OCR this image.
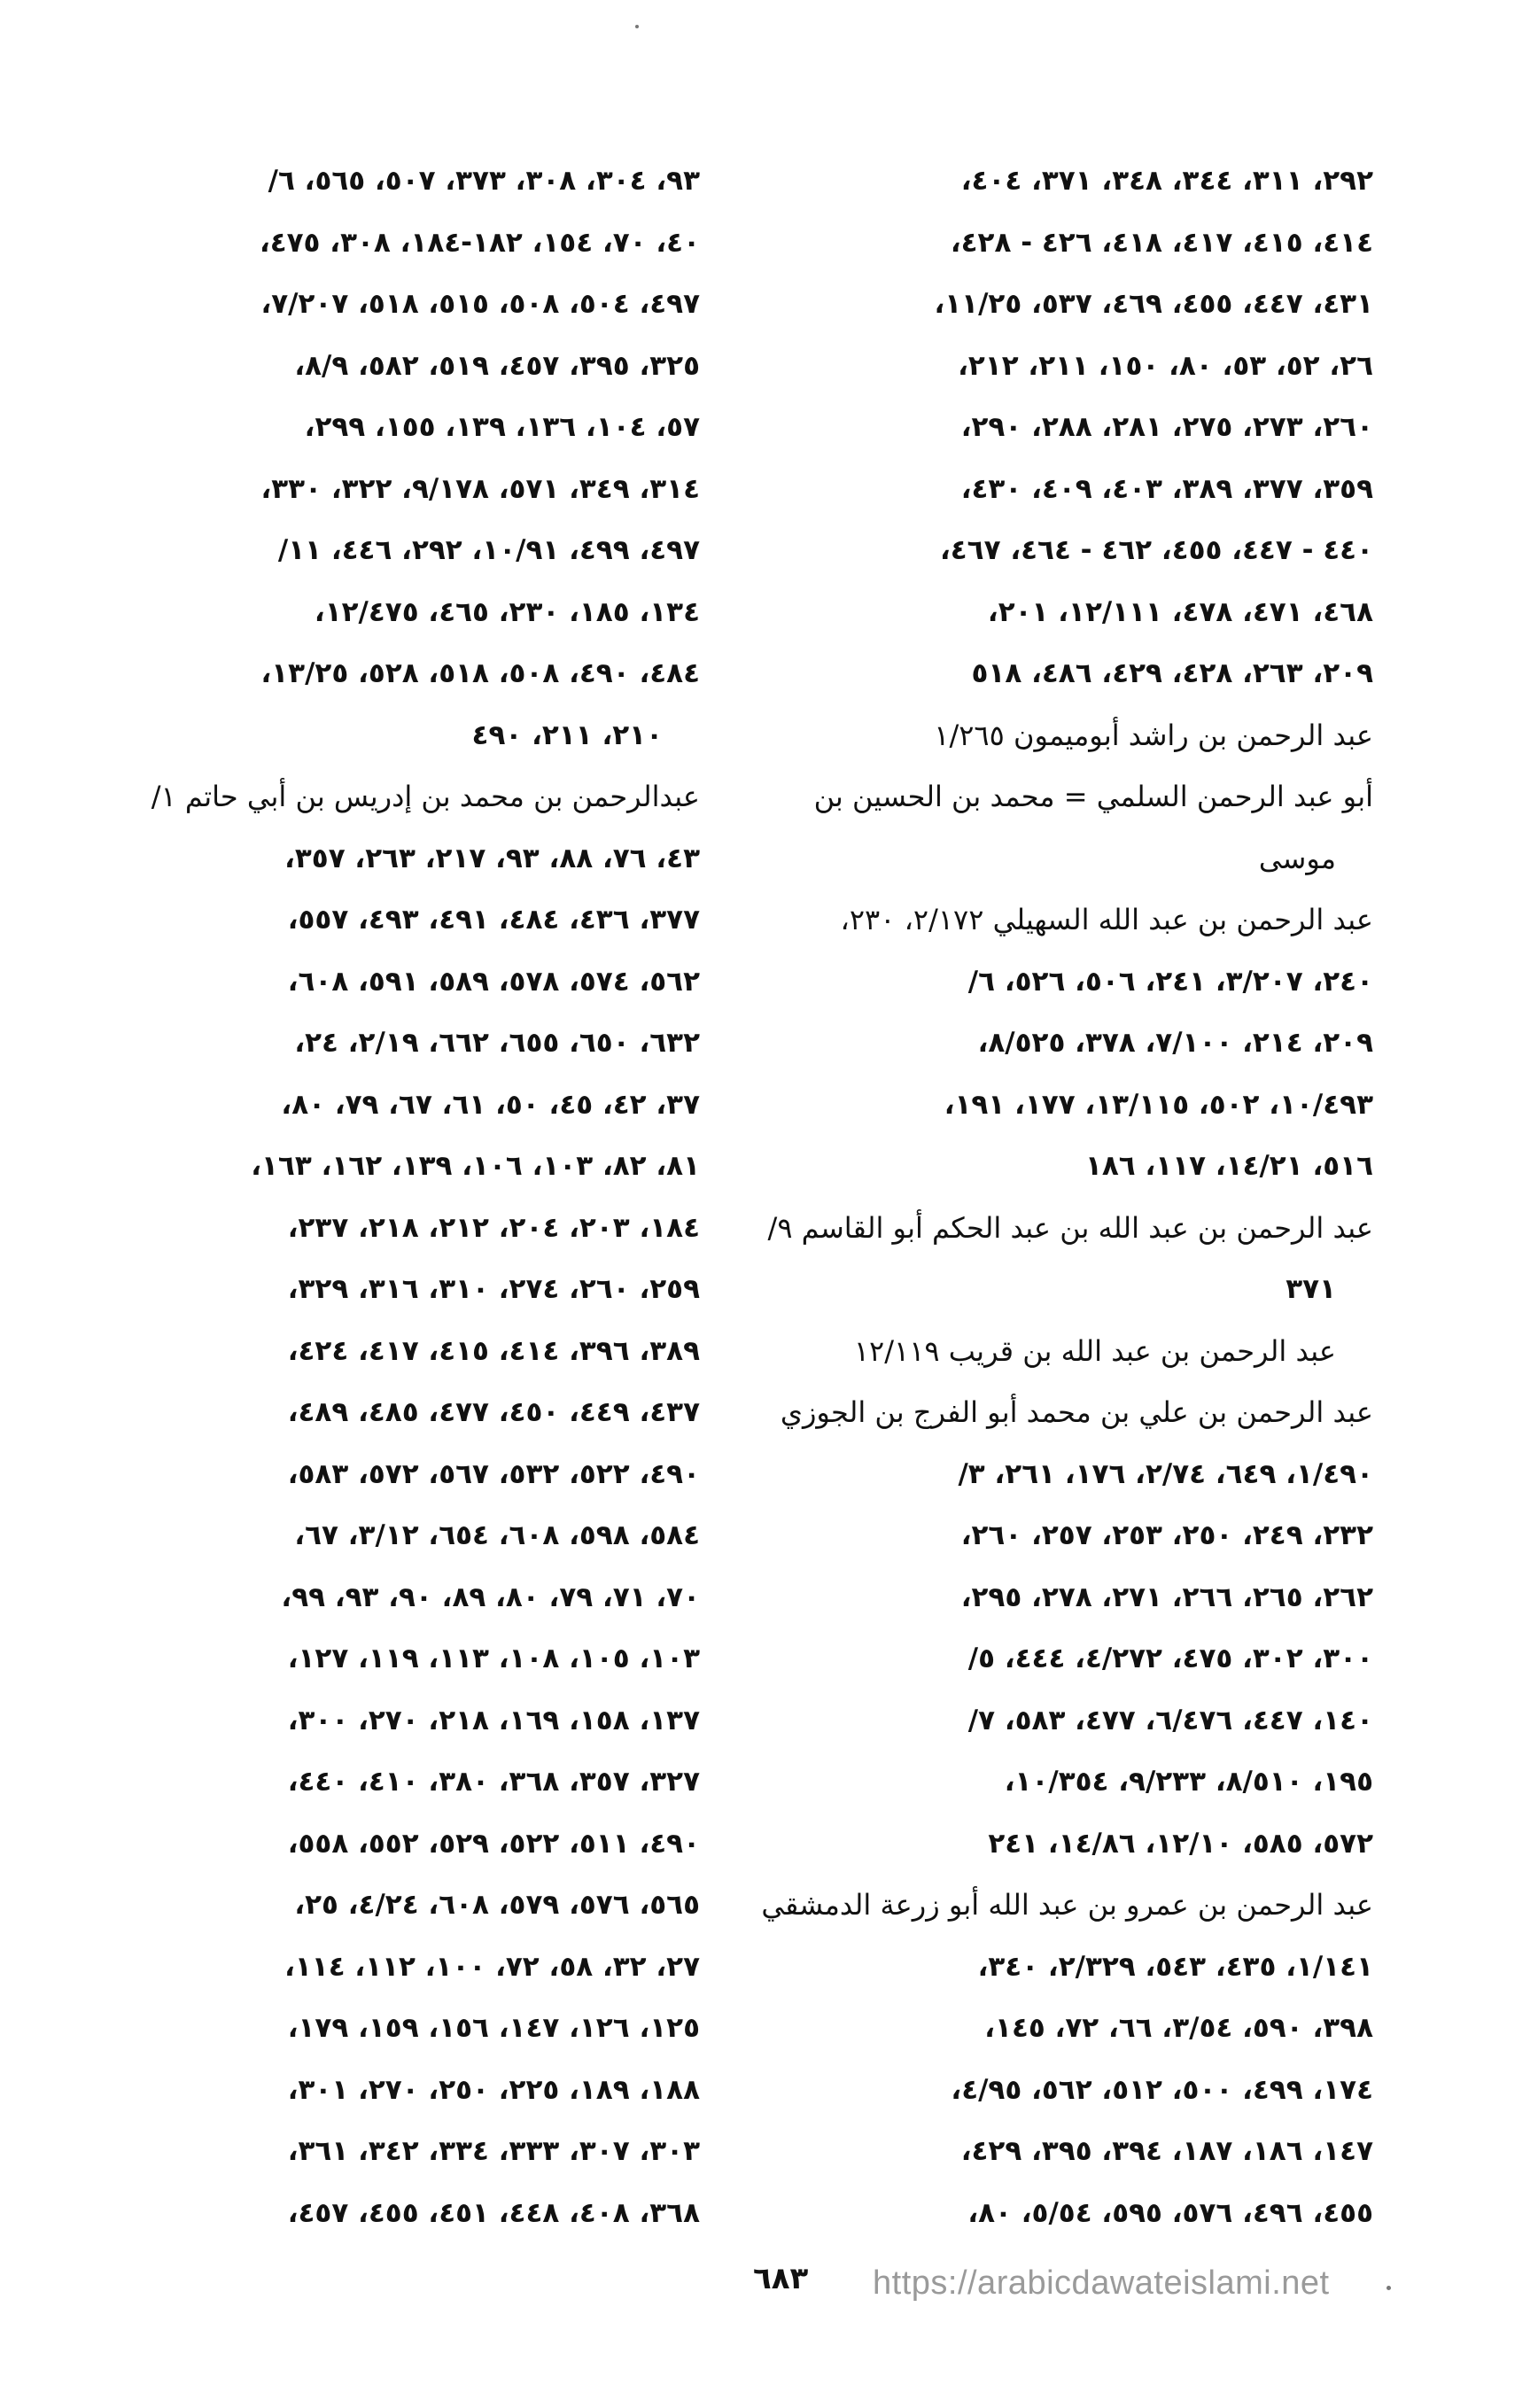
٢٩٢، ٣١١، ٣٤٤، ٣٤٨، ٣٧١، ٤٠٤،
٤١٤، ٤١٥، ٤١٧، ٤١٨، ٤٢٦ - ٤٢٨،
٤٣١، ٤٤٧، ٤٥٥، ٤٦٩، ٥٣٧، ١١/٢٥،
٢٦، ٥٢، ٥٣، ٨٠، ١٥٠، ٢١١، ٢١٢،
٢٦٠، ٢٧٣، ٢٧٥، ٢٨١، ٢٨٨، ٢٩٠،
٣٥٩، ٣٧٧، ٣٨٩، ٤٠٣، ٤٠٩، ٤٣٠،
٤٤٠ - ٤٤٧، ٤٥٥، ٤٦٢ - ٤٦٤، ٤٦٧،
٤٦٨، ٤٧١، ٤٧٨، ١٢/١١١، ٢٠١،
٢٠٩، ٢٦٣، ٤٢٨، ٤٢٩، ٤٨٦، ٥١٨
عبد الرحمن بن راشد أبوميمون ١/٢٦٥
أبو عبد الرحمن السلمي = محمد بن الحسين بن
موسى
عبد الرحمن بن عبد الله السهيلي ٢/١٧٢، ٢٣٠،
٢٤٠، ٣/٢٠٧، ٢٤١، ٥٠٦، ٥٢٦، ٦/
٢٠٩، ٢١٤، ٧/١٠٠، ٣٧٨، ٨/٥٢٥،
١٠/٤٩٣، ٥٠٢، ١٣/١١٥، ١٧٧، ١٩١،
٥١٦، ١٤/٢١، ١١٧، ١٨٦
عبد الرحمن بن عبد الله بن عبد الحكم أبو القاسم ٩/
٣٧١
عبد الرحمن بن عبد الله بن قريب ١٢/١١٩
عبد الرحمن بن علي بن محمد أبو الفرج بن الجوزي
١/٤٩٠، ٦٤٩، ٢/٧٤، ١٧٦، ٢٦١، ٣/
٢٣٢، ٢٤٩، ٢٥٠، ٢٥٣، ٢٥٧، ٢٦٠،
٢٦٢، ٢٦٥، ٢٦٦، ٢٧١، ٢٧٨، ٢٩٥،
٣٠٠، ٣٠٢، ٤٧٥، ٤/٢٧٢، ٤٤٤، ٥/
١٤٠، ٤٤٧، ٦/٤٧٦، ٤٧٧، ٥٨٣، ٧/
١٩٥، ٨/٥١٠، ٩/٢٣٣، ١٠/٣٥٤،
٥٧٢، ٥٨٥، ١٢/١٠، ١٤/٨٦، ٢٤١
عبد الرحمن بن عمرو بن عبد الله أبو زرعة الدمشقي
١/١٤١، ٤٣٥، ٥٤٣، ٢/٣٢٩، ٣٤٠،
٣٩٨، ٥٩٠، ٣/٥٤، ٦٦، ٧٢، ١٤٥،
١٧٤، ٤٩٩، ٥٠٠، ٥١٢، ٥٦٢، ٤/٩٥،
١٤٧، ١٨٦، ١٨٧، ٣٩٤، ٣٩٥، ٤٢٩،
٤٥٥، ٤٩٦، ٥٧٦، ٥٩٥، ٥/٥٤، ٨٠،
٩٣، ٣٠٤، ٣٠٨، ٣٧٣، ٥٠٧، ٥٦٥، ٦/
٤٠، ٧٠، ١٥٤، ١٨٢-١٨٤، ٣٠٨، ٤٧٥،
٤٩٧، ٥٠٤، ٥٠٨، ٥١٥، ٥١٨، ٧/٢٠٧،
٣٢٥، ٣٩٥، ٤٥٧، ٥١٩، ٥٨٢، ٨/٩،
٥٧، ١٠٤، ١٣٦، ١٣٩، ١٥٥، ٢٩٩،
٣١٤، ٣٤٩، ٥٧١، ٩/١٧٨، ٣٢٢، ٣٣٠،
٤٩٧، ٤٩٩، ١٠/٩١، ٢٩٢، ٤٤٦، ١١/
١٣٤، ١٨٥، ٢٣٠، ٤٦٥، ١٢/٤٧٥،
٤٨٤، ٤٩٠، ٥٠٨، ٥١٨، ٥٢٨، ١٣/٢٥،
٢١٠، ٢١١، ٤٩٠
عبدالرحمن بن محمد بن إدريس بن أبي حاتم ١/
٤٣، ٧٦، ٨٨، ٩٣، ٢١٧، ٢٦٣، ٣٥٧،
٣٧٧، ٤٣٦، ٤٨٤، ٤٩١، ٤٩٣، ٥٥٧،
٥٦٢، ٥٧٤، ٥٧٨، ٥٨٩، ٥٩١، ٦٠٨،
٦٣٢، ٦٥٠، ٦٥٥، ٦٦٢، ٢/١٩، ٢٤،
٣٧، ٤٢، ٤٥، ٥٠، ٦١، ٦٧، ٧٩، ٨٠،
٨١، ٨٢، ١٠٣، ١٠٦، ١٣٩، ١٦٢، ١٦٣،
١٨٤، ٢٠٣، ٢٠٤، ٢١٢، ٢١٨، ٢٣٧،
٢٥٩، ٢٦٠، ٢٧٤، ٣١٠، ٣١٦، ٣٢٩،
٣٨٩، ٣٩٦، ٤١٤، ٤١٥، ٤١٧، ٤٢٤،
٤٣٧، ٤٤٩، ٤٥٠، ٤٧٧، ٤٨٥، ٤٨٩،
٤٩٠، ٥٢٢، ٥٣٢، ٥٦٧، ٥٧٢، ٥٨٣،
٥٨٤، ٥٩٨، ٦٠٨، ٦٥٤، ٣/١٢، ٦٧،
٧٠، ٧١، ٧٩، ٨٠، ٨٩، ٩٠، ٩٣، ٩٩،
١٠٣، ١٠٥، ١٠٨، ١١٣، ١١٩، ١٢٧،
١٣٧، ١٥٨، ١٦٩، ٢١٨، ٢٧٠، ٣٠٠،
٣٢٧، ٣٥٧، ٣٦٨، ٣٨٠، ٤١٠، ٤٤٠،
٤٩٠، ٥١١، ٥٢٢، ٥٢٩، ٥٥٢، ٥٥٨،
٥٦٥، ٥٧٦، ٥٧٩، ٦٠٨، ٤/٢٤، ٢٥،
٢٧، ٣٢، ٥٨، ٧٢، ١٠٠، ١١٢، ١١٤،
١٢٥، ١٢٦، ١٤٧، ١٥٦، ١٥٩، ١٧٩،
١٨٨، ١٨٩، ٢٢٥، ٢٥٠، ٢٧٠، ٣٠١،
٣٠٣، ٣٠٧، ٣٣٣، ٣٣٤، ٣٤٢، ٣٦١،
٣٦٨، ٤٠٨، ٤٤٨، ٤٥١، ٤٥٥، ٤٥٧،
٦٨٣ https://arabicdawateislami.net
